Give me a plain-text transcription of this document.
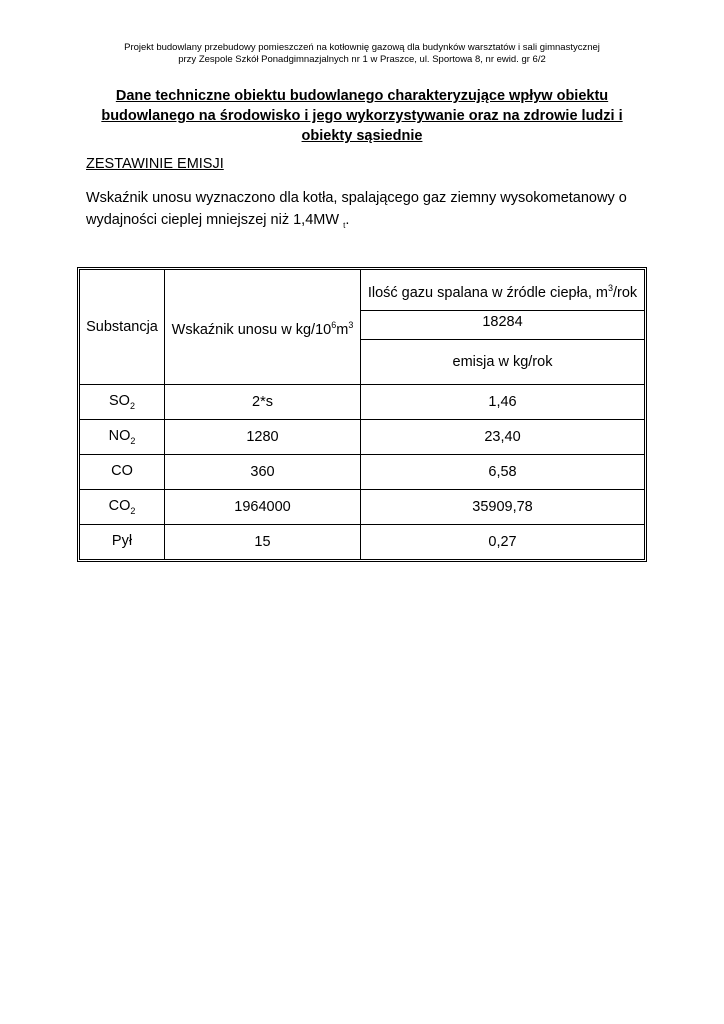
Projekt budowlany przebudowy pomieszczeń na kotłownię gazową dla budynków warsztatów i sali gimnastycznej
przy Zespole Szkół Ponadgimnazjalnych nr 1 w Praszce, ul. Sportowa 8, nr ewid. gr 6/2
Dane techniczne obiektu budowlanego charakteryzujące wpływ obiektu
budowlanego na środowisko i jego wykorzystywanie oraz na zdrowie ludzi i
obiekty sąsiednie
ZESTAWINIE EMISJI
Wskaźnik unosu wyznaczono dla kotła, spalającego gaz ziemny wysokometanowy o wydajności cieplej mniejszej niż 1,4MW $_t$.
Substancja	Wskaźnik unosu w $kg/10^6m^3$	Ilość gazu spalana w źródle ciepła, $m^3$/rok
		18284
		emisja w kg/rok
$SO_2$	2*s	1,46
$NO_2$	1280	23,40
CO	360	6,58
$CO_2$	1964000	35909,78
Pył	15	0,27
